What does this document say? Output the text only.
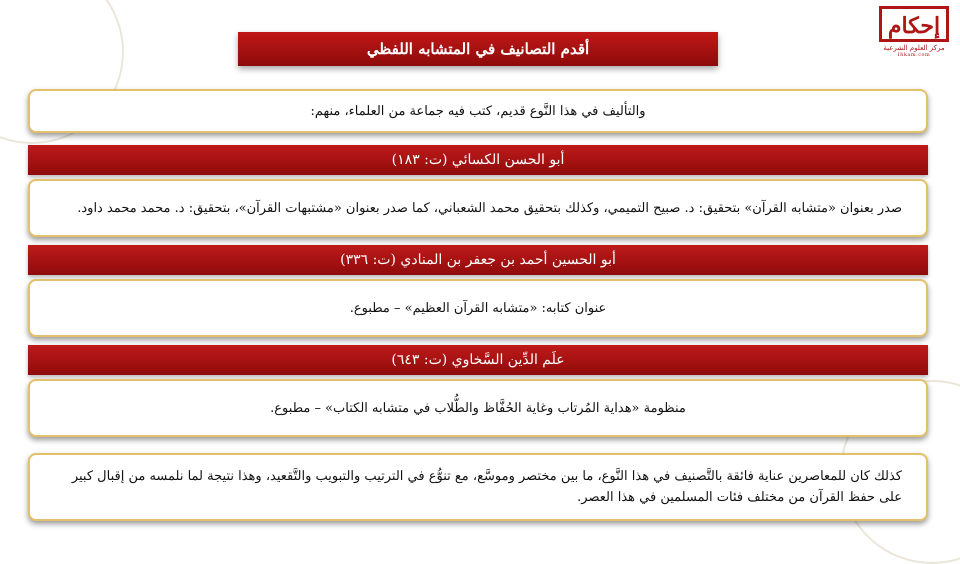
إحكام
مركز العلوم الشرعية
Ihkam.com
أقدم التصانيف في المتشابه اللفظي
والتأليف في هذا النَّوع قديم، كتب فيه جماعة من العلماء، منهم:
أبو الحسن الكسائي (ت: ١٨٣)
صدر بعنوان «متشابه القرآن» بتحقيق: د. صبيح التميمي، وكذلك بتحقيق محمد الشعباني، كما صدر بعنوان «مشتبهات القرآن»، بتحقيق: د. محمد محمد داود.
أبو الحسين أحمد بن جعفر بن المنادي (ت: ٣٣٦)
عنوان كتابه: «متشابه القرآن العظيم» – مطبوع.
علَم الدِّين السَّخاوي (ت: ٦٤٣)
منظومة «هداية المُرتاب وغاية الحُفَّاظ والطُّلاب في متشابه الكتاب» – مطبوع.
كذلك كان للمعاصرين عناية فائقة بالتَّصنيف في هذا النَّوع، ما بين مختصر وموسَّع، مع تنوُّع في الترتيب والتبويب والتَّقعيد، وهذا نتيجة لما نلمسه من إقبال كبير على حفظ القرآن من مختلف فئات المسلمين في هذا العصر.
